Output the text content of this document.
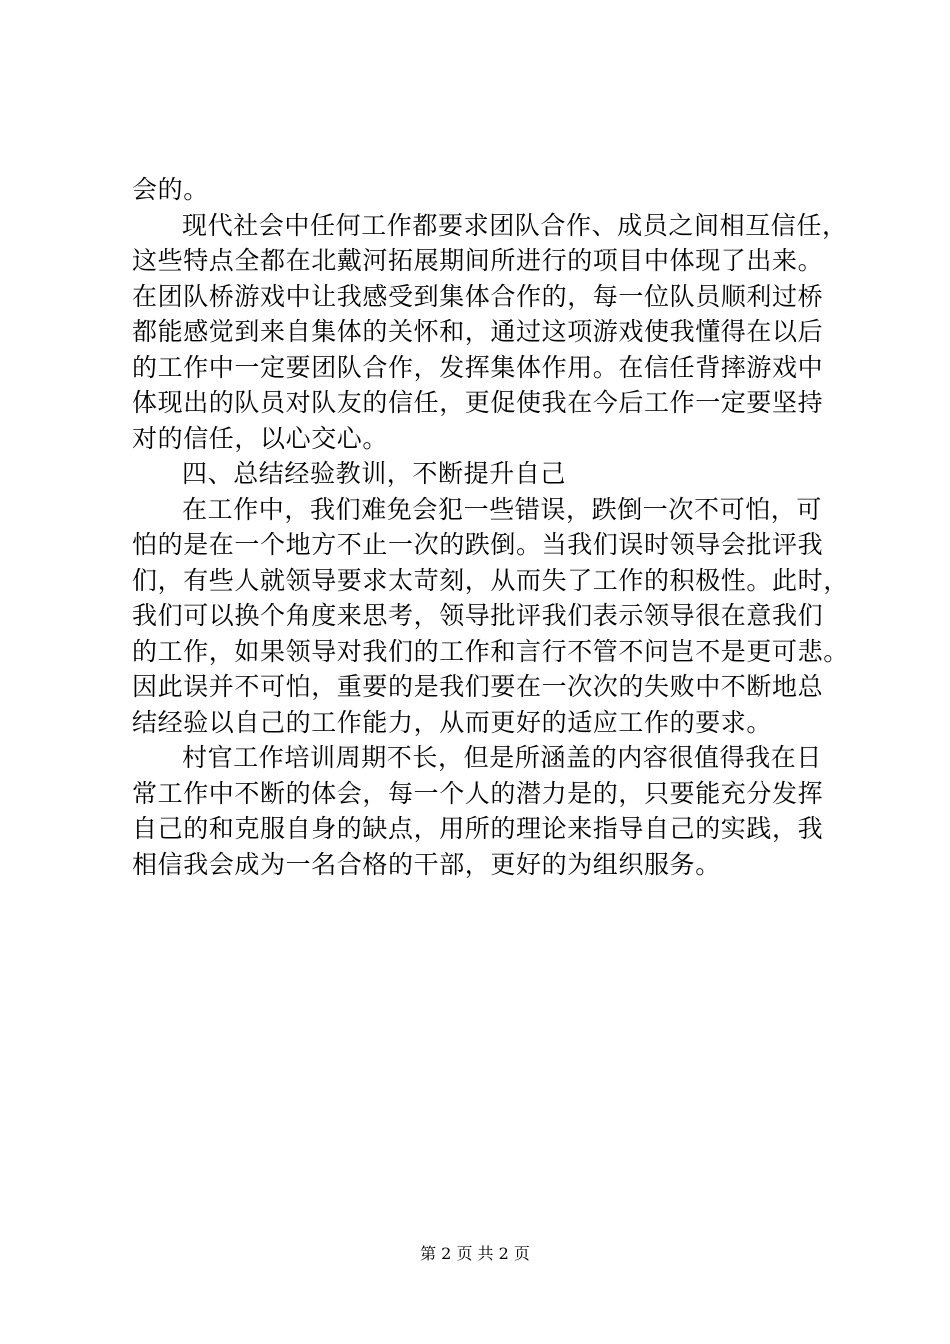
会的。
现代社会中任何工作都要求团队合作、成员之间相互信任，
这些特点全都在北戴河拓展期间所进行的项目中体现了出来。
在团队桥游戏中让我感受到集体合作的，每一位队员顺利过桥
都能感觉到来自集体的关怀和，通过这项游戏使我懂得在以后
的工作中一定要团队合作，发挥集体作用。在信任背摔游戏中
体现出的队员对队友的信任，更促使我在今后工作一定要坚持
对的信任，以心交心。
四、总结经验教训，不断提升自己
在工作中，我们难免会犯一些错误，跌倒一次不可怕，可
怕的是在一个地方不止一次的跌倒。当我们误时领导会批评我
们，有些人就领导要求太苛刻，从而失了工作的积极性。此时，
我们可以换个角度来思考，领导批评我们表示领导很在意我们
的工作，如果领导对我们的工作和言行不管不问岂不是更可悲。
因此误并不可怕，重要的是我们要在一次次的失败中不断地总
结经验以自己的工作能力，从而更好的适应工作的要求。
村官工作培训周期不长，但是所涵盖的内容很值得我在日
常工作中不断的体会，每一个人的潜力是的，只要能充分发挥
自己的和克服自身的缺点，用所的理论来指导自己的实践，我
相信我会成为一名合格的干部，更好的为组织服务。
第 2 页 共 2 页
